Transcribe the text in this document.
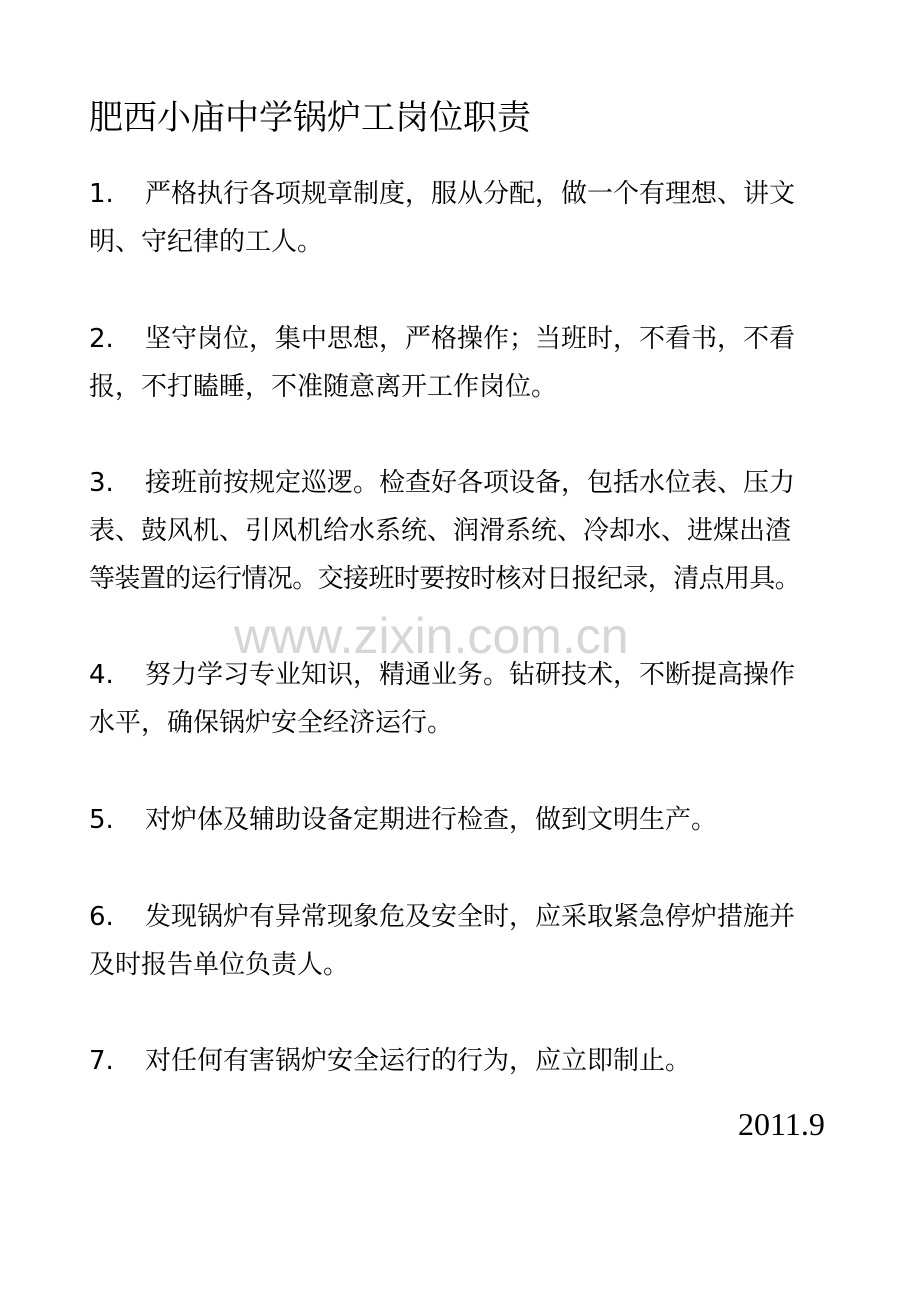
肥西小庙中学锅炉工岗位职责
1. 严格执行各项规章制度，服从分配，做一个有理想、讲文
明、守纪律的工人。
2. 坚守岗位，集中思想，严格操作；当班时，不看书，不看
报，不打瞌睡，不准随意离开工作岗位。
3. 接班前按规定巡逻。检查好各项设备，包括水位表、压力
表、鼓风机、引风机给水系统、润滑系统、冷却水、进煤出渣
等装置的运行情况。交接班时要按时核对日报纪录，清点用具。
4. 努力学习专业知识，精通业务。钻研技术，不断提高操作
水平，确保锅炉安全经济运行。
5. 对炉体及辅助设备定期进行检查，做到文明生产。
6. 发现锅炉有异常现象危及安全时，应采取紧急停炉措施并
及时报告单位负责人。
7. 对任何有害锅炉安全运行的行为，应立即制止。
www.zixin.com.cn
2011.9
